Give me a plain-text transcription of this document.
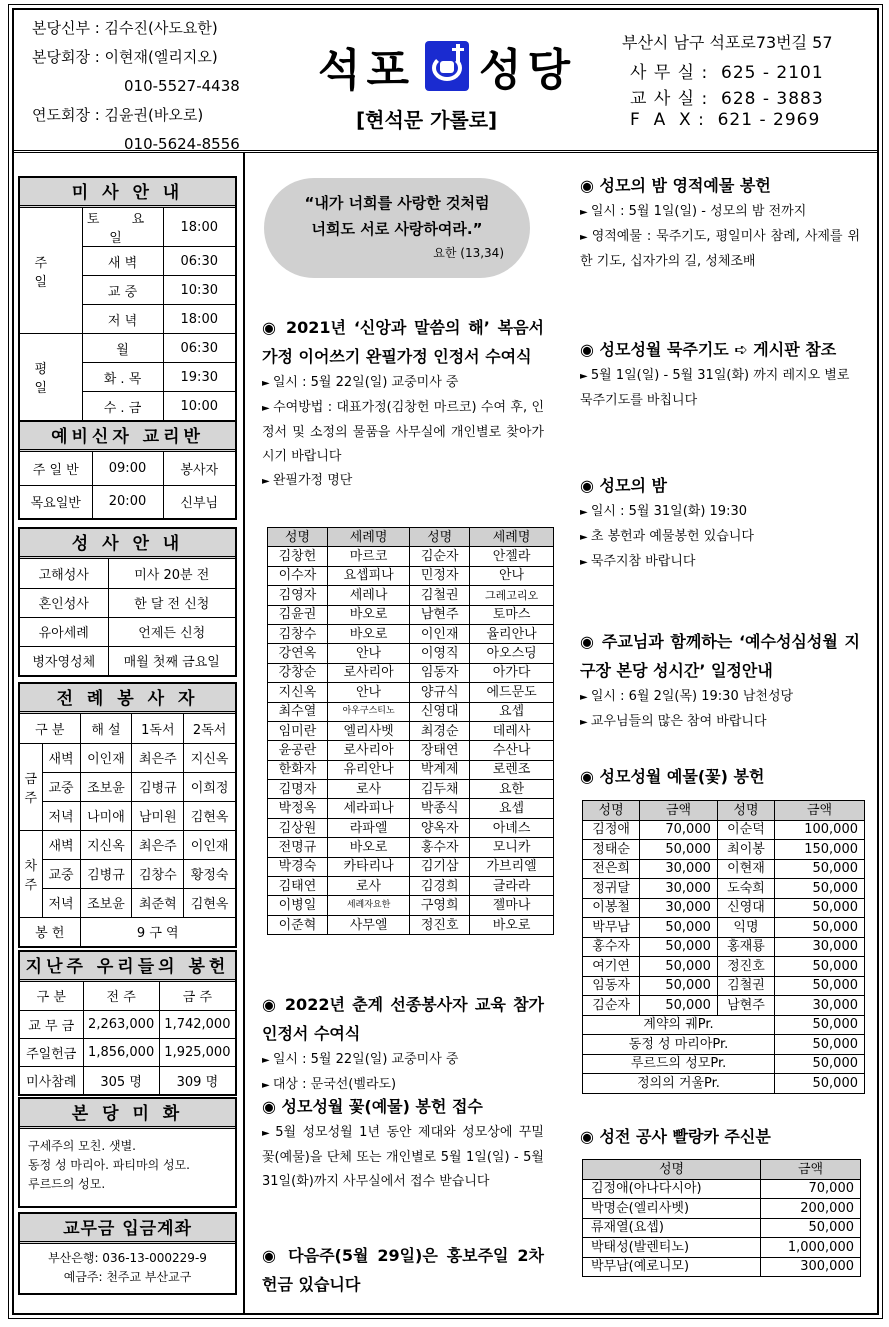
본당신부 : 김수진(사도요한)
본당회장 : 이현재(엘리지오)
010-5527-4438
연도회장 : 김윤권(바오로)
010-5624-8556
석포 성당
[현석문 가롤로]
부산시 남구 석포로73번길 57
사 무 실 :  625 - 2101
교 사 실 :  628 - 3883
F  A  X :  621 - 2969
미 사 안 내
주일	토 요 일	18:00
	새 벽	06:30
	교 중	10:30
	저 녁	18:00
평일	월	06:30
	화 . 목	19:30
	수 . 금	10:00
예비신자 교리반
주 일 반	09:00	봉사자
목요일반	20:00	신부님
성 사 안 내
고해성사	미사 20분 전
혼인성사	한 달 전 신청
유아세례	언제든 신청
병자영성체	매월 첫째 금요일
전 례 봉 사 자
구 분		해 설	1독서	2독서
금주	새벽	이인재	최은주	지신옥
	교중	조보윤	김병규	이희정
	저녁	나미애	남미원	김현옥
차주	새벽	지신옥	최은주	이인재
	교중	김병규	김창수	황정숙
	저녁	조보윤	최준혁	김현옥
봉 헌		9 구 역		
지난주 우리들의 봉헌
구 분	전 주	금 주
교 무 금	2,263,000	1,742,000
주일헌금	1,856,000	1,925,000
미사참례	305 명	309 명
본 당 미 화
구세주의 모친. 샛별.
동정 성 마리아. 파티마의 성모.
루르드의 성모.
교무금 입금계좌
부산은행: 036-13-000229-9
예금주: 천주교 부산교구
“내가 너희를 사랑한 것처럼
너희도 서로 사랑하여라.”
요한 (13,34)
◉ 2021년 ‘신앙과 말씀의 해’ 복음서 가정 이어쓰기 완필가정 인정서 수여식
► 일시 : 5월 22일(일) 교중미사 중
► 수여방법 : 대표가정(김창헌 마르코) 수여 후, 인정서 및 소정의 물품을 사무실에 개인별로 찾아가시기 바랍니다
► 완필가정 명단
성명	세례명	성명	세례명
김창헌	마르코	김순자	안젤라
이수자	요셉피나	민정자	안나
김영자	세레나	김철권	그레고리오
김윤권	바오로	남현주	토마스
김창수	바오로	이인재	율리안나
강연옥	안나	이영직	아오스딩
강창순	로사리아	임동자	아가다
지신옥	안나	양규식	에드문도
최수열	아우구스티노	신영대	요셉
임미란	엘리사벳	최경순	데레사
윤공란	로사리아	장태연	수산나
한화자	유리안나	박계제	로렌조
김명자	로사	김두채	요한
박정옥	세라피나	박종식	요셉
김상원	라파엘	양옥자	아녜스
전명규	바오로	홍수자	모니카
박경숙	카타리나	김기삼	가브리엘
김태연	로사	김경희	글라라
이병일	세례자요한	구영희	젤마나
이준혁	사무엘	정진호	바오로
◉ 2022년 춘계 선종봉사자 교육 참가 인정서 수여식
► 일시 : 5월 22일(일) 교중미사 중
► 대상 : 문국선(벨라도)
◉ 성모성월 꽃(예물) 봉헌 접수
► 5월 성모성월 1년 동안 제대와 성모상에 꾸밀 꽃(예물)을 단체 또는 개인별로 5월 1일(일) - 5월 31일(화)까지 사무실에서 접수 받습니다
◉ 다음주(5월 29일)은 홍보주일 2차 헌금 있습니다
◉ 성모의 밤 영적예물 봉헌
► 일시 : 5월 1일(일) - 성모의 밤 전까지
► 영적예물 : 묵주기도, 평일미사 참례, 사제를 위한 기도, 십자가의 길, 성체조배
◉ 성모성월 묵주기도 ➪ 게시판 참조
► 5월 1일(일) - 5월 31일(화) 까지 레지오 별로 묵주기도를 바칩니다
◉ 성모의 밤
► 일시 : 5월 31일(화) 19:30
► 초 봉헌과 예물봉헌 있습니다
► 묵주지참 바랍니다
◉ 주교님과 함께하는 ‘예수성심성월 지구장 본당 성시간’ 일정안내
► 일시 : 6월 2일(목) 19:30 남천성당
► 교우님들의 많은 참여 바랍니다
◉ 성모성월 예물(꽃) 봉헌
성명	금액	성명	금액
김정애	70,000	이순덕	100,000
정태순	50,000	최이봉	150,000
전은희	30,000	이현재	50,000
정귀달	30,000	도숙희	50,000
이봉철	30,000	신영대	50,000
박무남	50,000	익명	50,000
홍수자	50,000	홍재룡	30,000
여기연	50,000	정진호	50,000
임동자	50,000	김철권	50,000
김순자	50,000	남현주	30,000
계약의 궤Pr.			50,000
동정 성 마리아Pr.			50,000
루르드의 성모Pr.			50,000
정의의 거울Pr.			50,000
◉ 성전 공사 빨랑카 주신분
성명	금액
김정애(아나다시아)	70,000
박명순(엘리사벳)	200,000
류재열(요셉)	50,000
박태성(발렌티노)	1,000,000
박무남(예로니모)	300,000
